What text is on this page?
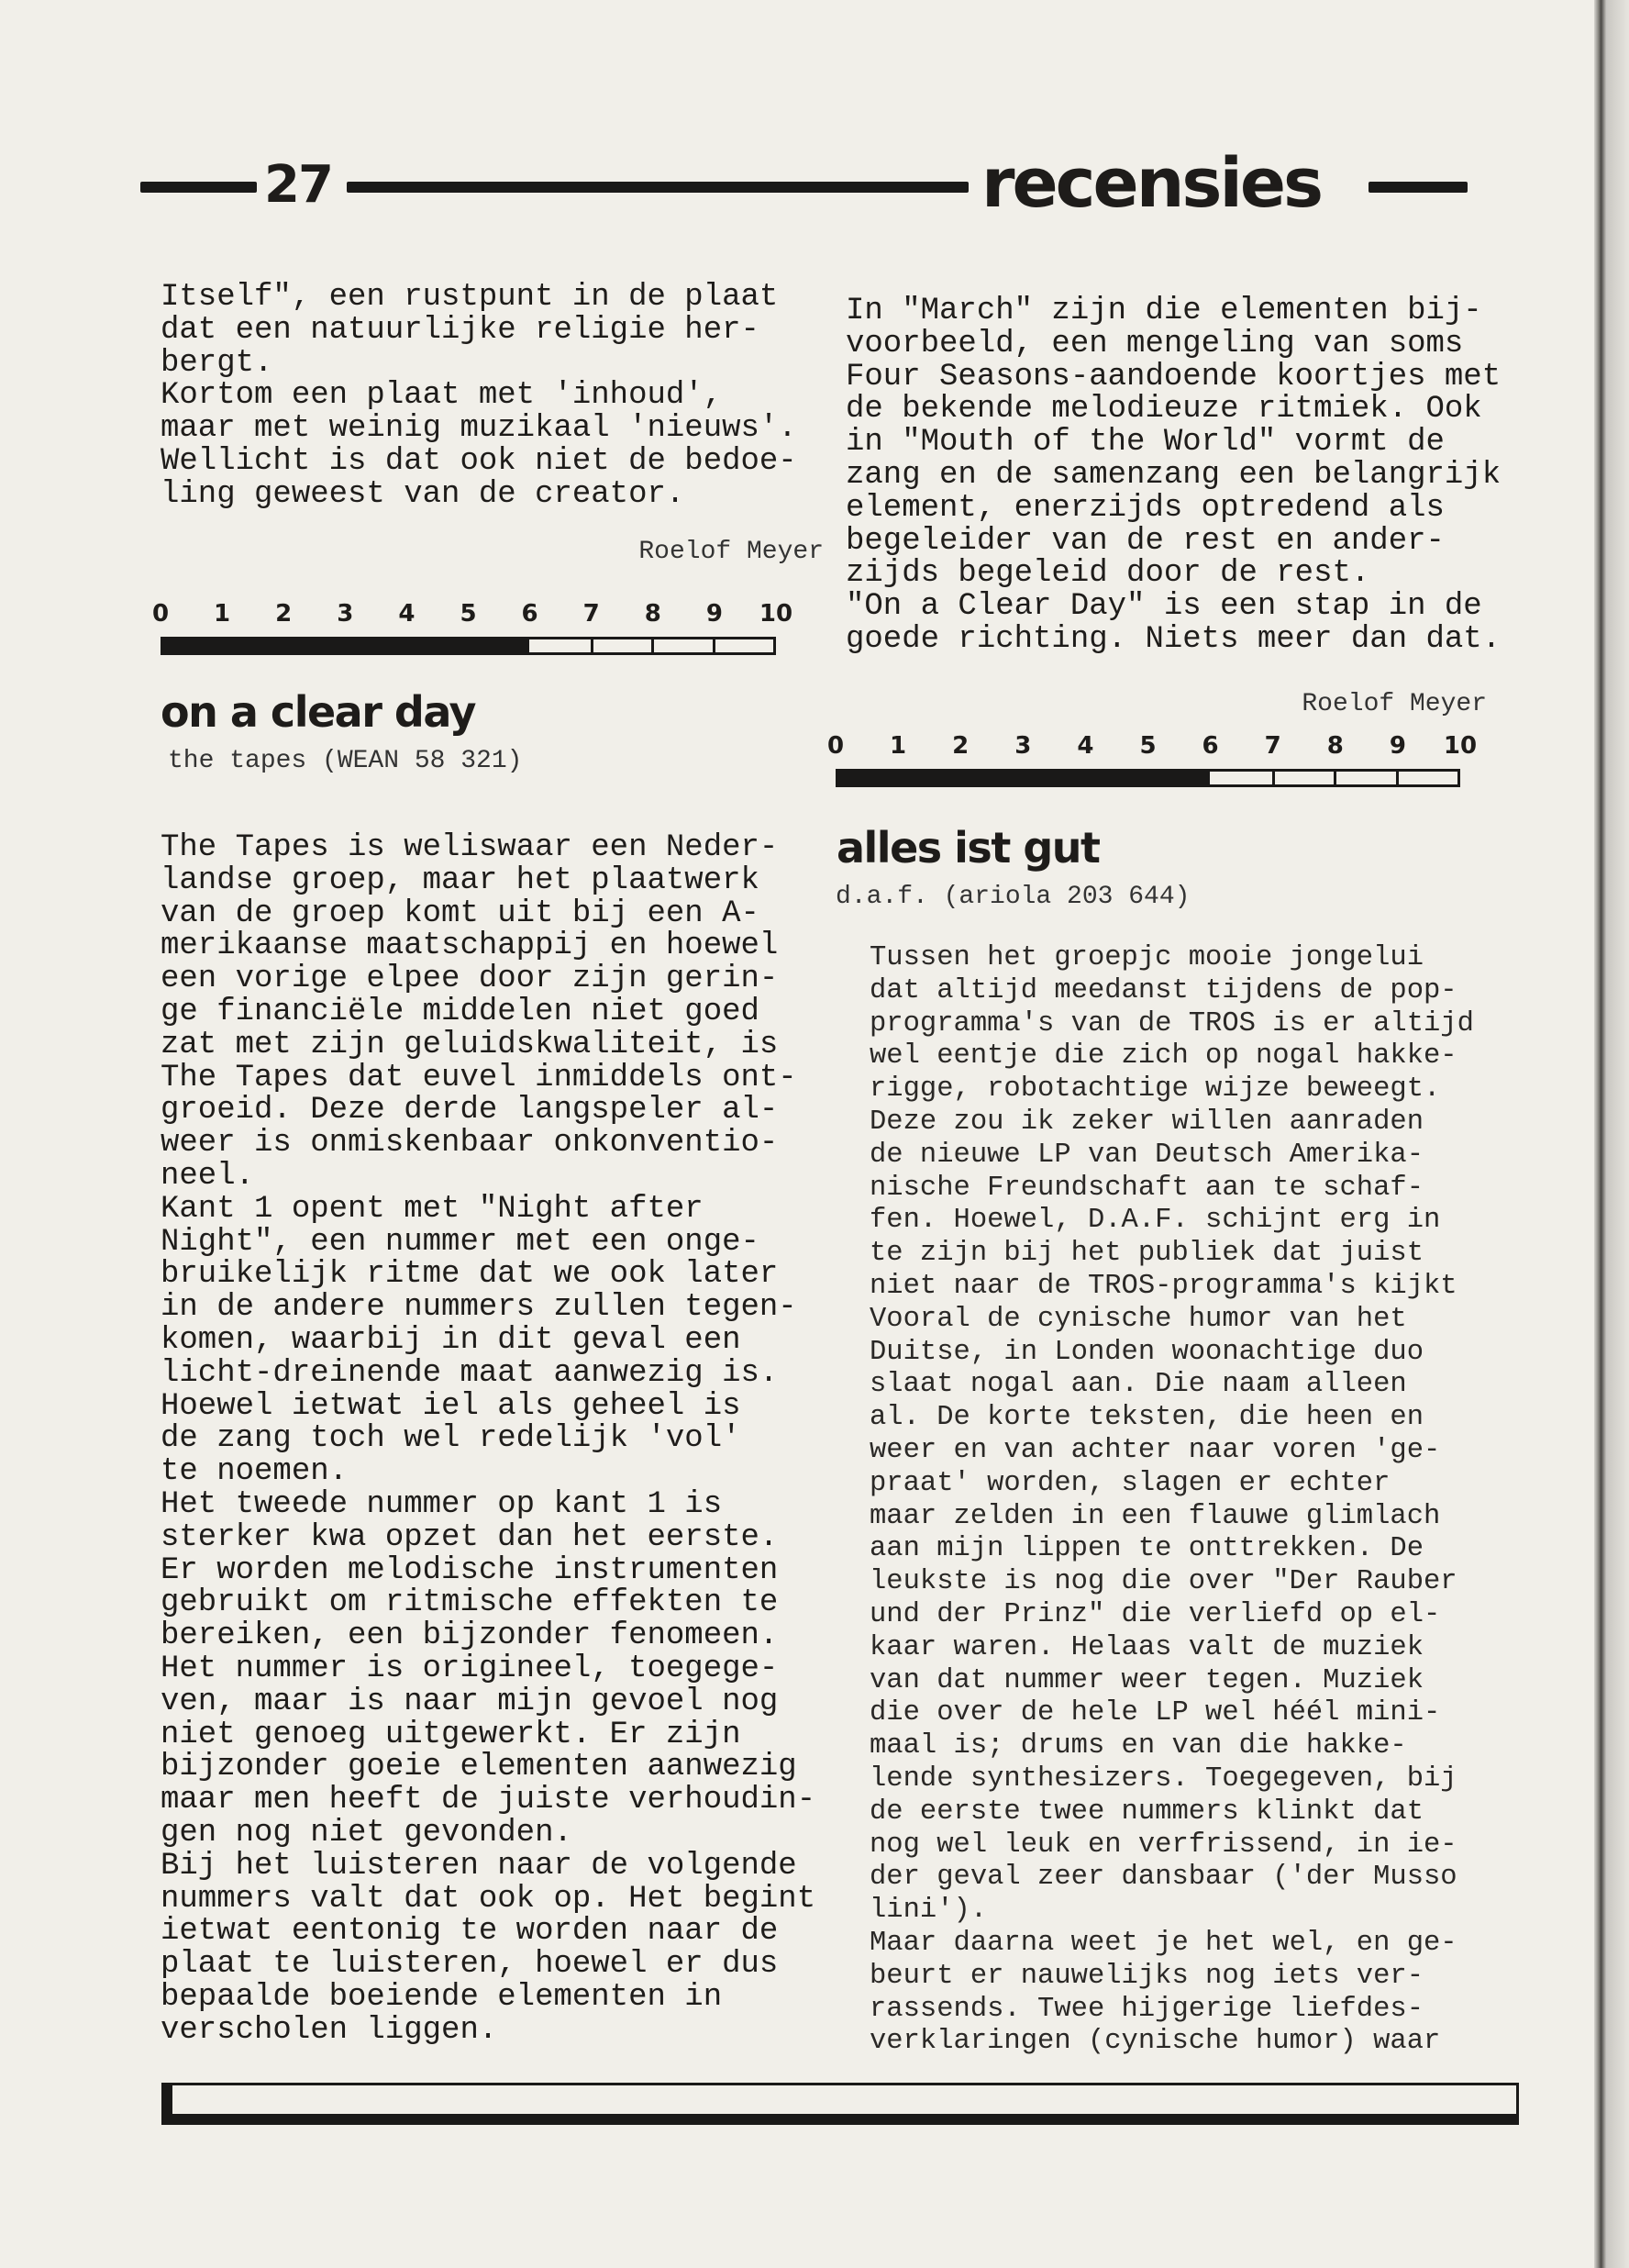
27	recensies
Itself", een rustpunt in de plaat
dat een natuurlijke religie her-
bergt.
Kortom een plaat met 'inhoud',
maar met weinig muzikaal 'nieuws'.
Wellicht is dat ook niet de bedoe-
ling geweest van de creator.
Roelof Meyer
0 1 2 3 4 5 6 7 8 9 10
on a clear day
the tapes (WEAN 58 321)
The Tapes is weliswaar een Neder-
landse groep, maar het plaatwerk
van de groep komt uit bij een A-
merikaanse maatschappij en hoewel
een vorige elpee door zijn gerin-
ge financiële middelen niet goed
zat met zijn geluidskwaliteit, is
The Tapes dat euvel inmiddels ont-
groeid. Deze derde langspeler al-
weer is onmiskenbaar onkonventio-
neel.
Kant 1 opent met "Night after
Night", een nummer met een onge-
bruikelijk ritme dat we ook later
in de andere nummers zullen tegen-
komen, waarbij in dit geval een
licht-dreinende maat aanwezig is.
Hoewel ietwat iel als geheel is
de zang toch wel redelijk 'vol'
te noemen.
Het tweede nummer op kant 1 is
sterker kwa opzet dan het eerste.
Er worden melodische instrumenten
gebruikt om ritmische effekten te
bereiken, een bijzonder fenomeen.
Het nummer is origineel, toegege-
ven, maar is naar mijn gevoel nog
niet genoeg uitgewerkt. Er zijn
bijzonder goeie elementen aanwezig
maar men heeft de juiste verhoudin-
gen nog niet gevonden.
Bij het luisteren naar de volgende
nummers valt dat ook op. Het begint
ietwat eentonig te worden naar de
plaat te luisteren, hoewel er dus
bepaalde boeiende elementen in
verscholen liggen.
In "March" zijn die elementen bij-
voorbeeld, een mengeling van soms
Four Seasons-aandoende koortjes met
de bekende melodieuze ritmiek. Ook
in "Mouth of the World" vormt de
zang en de samenzang een belangrijk
element, enerzijds optredend als
begeleider van de rest en ander-
zijds begeleid door de rest.
"On a Clear Day" is een stap in de
goede richting. Niets meer dan dat.
Roelof Meyer
0 1 2 3 4 5 6 7 8 9 10
alles ist gut
d.a.f. (ariola 203 644)
Tussen het groepjc mooie jongelui
dat altijd meedanst tijdens de pop-
programma's van de TROS is er altijd
wel eentje die zich op nogal hakke-
rigge, robotachtige wijze beweegt.
Deze zou ik zeker willen aanraden
de nieuwe LP van Deutsch Amerika-
nische Freundschaft aan te schaf-
fen. Hoewel, D.A.F. schijnt erg in
te zijn bij het publiek dat juist
niet naar de TROS-programma's kijkt
Vooral de cynische humor van het
Duitse, in Londen woonachtige duo
slaat nogal aan. Die naam alleen
al. De korte teksten, die heen en
weer en van achter naar voren 'ge-
praat' worden, slagen er echter
maar zelden in een flauwe glimlach
aan mijn lippen te onttrekken. De
leukste is nog die over "Der Rauber
und der Prinz" die verliefd op el-
kaar waren. Helaas valt de muziek
van dat nummer weer tegen. Muziek
die over de hele LP wel héél mini-
maal is; drums en van die hakke-
lende synthesizers. Toegegeven, bij
de eerste twee nummers klinkt dat
nog wel leuk en verfrissend, in ie-
der geval zeer dansbaar ('der Musso
lini').
Maar daarna weet je het wel, en ge-
beurt er nauwelijks nog iets ver-
rassends. Twee hijgerige liefdes-
verklaringen (cynische humor) waar
